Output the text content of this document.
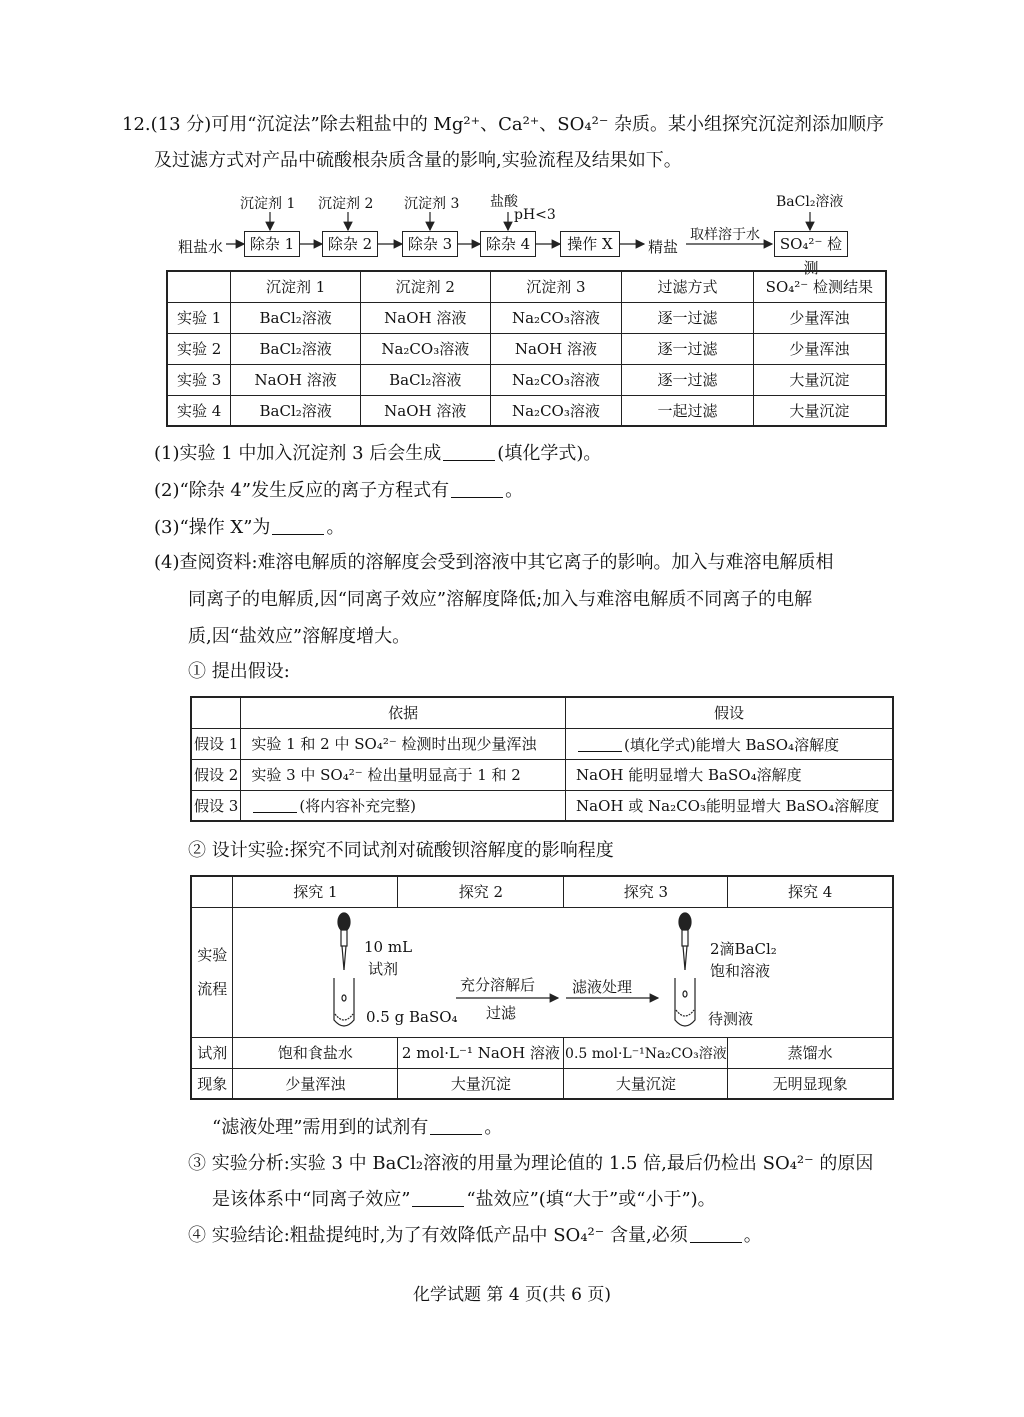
12.(13 分)可用“沉淀法”除去粗盐中的 Mg²⁺、Ca²⁺、SO₄²⁻ 杂质。某小组探究沉淀剂添加顺序
及过滤方式对产品中硫酸根杂质含量的影响,实验流程及结果如下。
粗盐水	除杂 1	除杂 2	除杂 3	除杂 4	操作 X	精盐	SO₄²⁻ 检测
沉淀剂 1 沉淀剂 2 沉淀剂 3 盐酸
pH<3
取样溶于水
BaCl₂溶液
	沉淀剂 1	沉淀剂 2	沉淀剂 3	过滤方式	SO₄²⁻ 检测结果
实验 1	BaCl₂溶液	NaOH 溶液	Na₂CO₃溶液	逐一过滤	少量浑浊
实验 2	BaCl₂溶液	Na₂CO₃溶液	NaOH 溶液	逐一过滤	少量浑浊
实验 3	NaOH 溶液	BaCl₂溶液	Na₂CO₃溶液	逐一过滤	大量沉淀
实验 4	BaCl₂溶液	NaOH 溶液	Na₂CO₃溶液	一起过滤	大量沉淀
(1)实验 1 中加入沉淀剂 3 后会生成	(填化学式)。
(2)“除杂 4”发生反应的离子方程式有	。
(3)“操作 X”为	。
(4)查阅资料:难溶电解质的溶解度会受到溶液中其它离子的影响。加入与难溶电解质相
同离子的电解质,因“同离子效应”溶解度降低;加入与难溶电解质不同离子的电解
质,因“盐效应”溶解度增大。
① 提出假设:
	依据	假设
假设 1	实验 1 和 2 中 SO₄²⁻ 检测时出现少量浑浊	(填化学式)能增大 BaSO₄溶解度
假设 2	实验 3 中 SO₄²⁻ 检出量明显高于 1 和 2	NaOH 能明显增大 BaSO₄溶解度
假设 3	(将内容补充完整)	NaOH 或 Na₂CO₃能明显增大 BaSO₄溶解度
② 设计实验:探究不同试剂对硫酸钡溶解度的影响程度
	探究 1	探究 2	探究 3	探究 4
实验
流程				
试剂	饱和食盐水	2 mol·L⁻¹ NaOH 溶液	0.5 mol·L⁻¹Na₂CO₃溶液	蒸馏水
现象	少量浑浊	大量沉淀	大量沉淀	无明显现象
10 mL
试剂
0.5 g BaSO₄
充分溶解后
过滤
滤液处理
2滴BaCl₂
饱和溶液
待测液
“滤液处理”需用到的试剂有	。
③ 实验分析:实验 3 中 BaCl₂溶液的用量为理论值的 1.5 倍,最后仍检出 SO₄²⁻ 的原因
是该体系中“同离子效应”	“盐效应”(填“大于”或“小于”)。
④ 实验结论:粗盐提纯时,为了有效降低产品中 SO₄²⁻ 含量,必须	。
化学试题 第 4 页(共 6 页)
